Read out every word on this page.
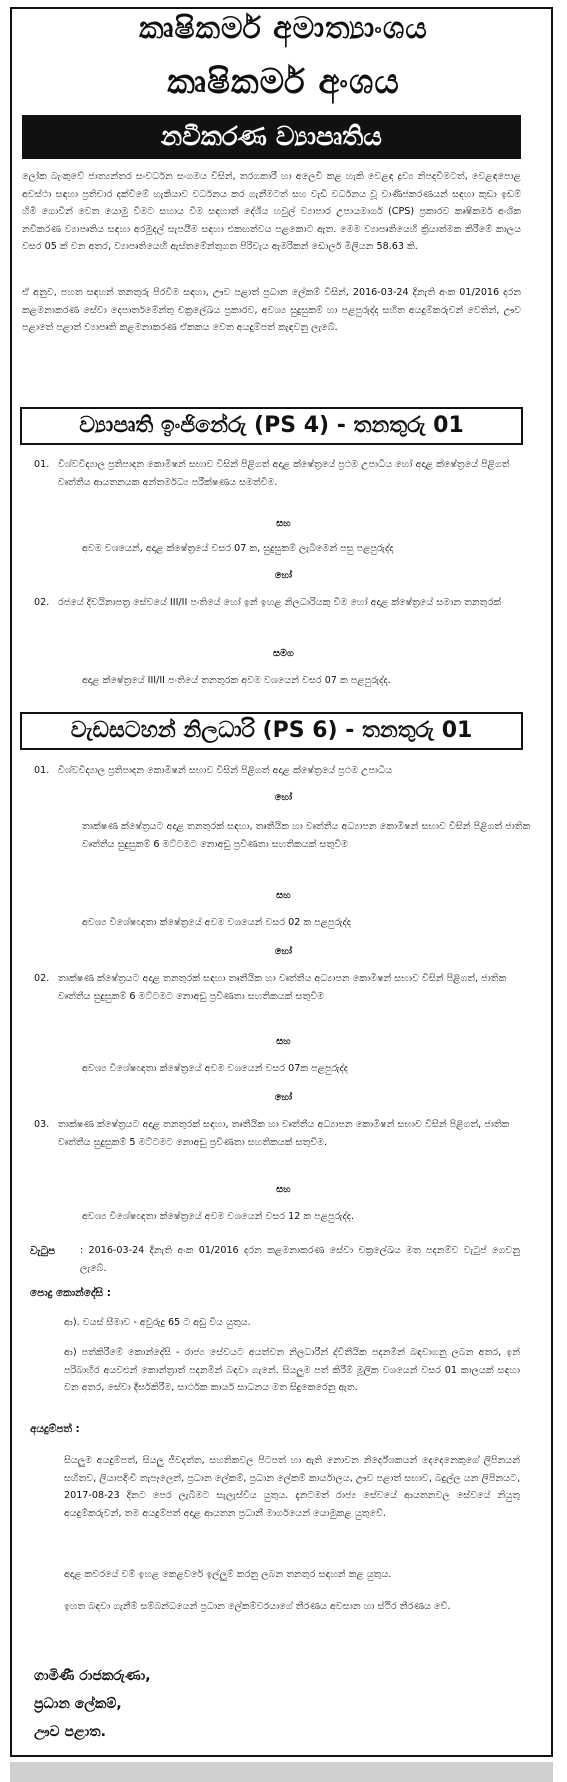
කෘෂිකර්ම අමාත්‍යාංශය
කෘෂිකර්ම අංශය
නවීකරණ ව්‍යාපෘතිය

ලෝක බැංකුවේ ජාත්‍යන්තර සංවර්ධන සංගමය විසින්, තරගකාරී හා අලෙවි කළ හැකි වෙළඳ ද්‍රව්‍ය නිපදවීමටත්, වෙළඳපොළ අවස්ථා සඳහා ප්‍රතිචාර දක්වීමේ හැකියාව වර්ධනය කර ගැනීමටත් සහ වැඩි වර්ධනය වූ වාණිජකරණයන් සඳහා කුඩා ඉඩම් හිමි ගොවීන් වෙත යොමු වීමට සහාය වීම සඳහාත් දේශීය හවුල් ව්‍යාපාර උපායමාර්ග (CPS) ප්‍රකාරව කෘෂිකර්ම අංශික නවීකරණ ව්‍යාපෘතිය සඳහා අරමුදල් සැපයීම සඳහා එකඟත්වය පළකොට ඇත. මෙම ව්‍යාපෘතියෙහි ක්‍රියාත්මක කිරීමේ කාලය වසර 05 ක් වන අතර, ව්‍යාපෘතියෙහි ඇස්තමේන්තුගත පිරිවැය ඇමරිකන් ඩොලර් මිලියන 58.63 කි.

ඒ අනුව, පහත සඳහන් තනතුරු පිරවීම සඳහා, ඌව පළාත් ප්‍රධාන ලේකම් විසින්, 2016-03-24 දිනැති අංක 01/2016 දරන කළමනාකරණ සේවා දෙපාර්තමේන්තු චක්‍රලේඛය ප්‍රකාරව, අවශ්‍ය සුදුසුකම් හා පළපුරුද්ද සහිත අයදුම්කරුවන් වෙතින්, ඌව පළාතේ පළාත් ව්‍යාපෘති කළමනාකරණ ඒකකය වෙත අයදුම්පත් කැඳවනු ලැබේ.

ව්‍යාපෘති ඉංජිනේරු (PS 4) - තනතුරු 01

01. විශ්වවිද්‍යාල ප්‍රතිපාදන කොමිෂන් සභාව විසින් පිළිගත් අදාළ ක්ෂේත්‍රයේ ප්‍රථම උපාධිය හෝ අදාළ ක්ෂේත්‍රයේ පිළිගත් වෘත්තීය ආයතනයක අන්තර්මධ්‍ය පරීක්ෂණය සමත්වීම.

සහ

අවම වශයෙන්, අදාළ ක්ෂේත්‍රයේ වසර 07 ක, සුදුසුකම් ලැබීමෙන් පසු පළපුරුද්ද

හෝ

02. රජයේ දිවයිනාපත්‍ර සේවයේ III/II පංතියේ හෝ ඉන් ඉහළ නිලධාරියකු වීම හෝ අදාළ ක්ෂේත්‍රයේ සමාන තනතුරක්

සමග

අදාළ ක්ෂේත්‍රයේ III/II පංතියේ තනතුරක අවම වශයෙන් වසර 07 ක පළපුරුද්ද.

වැඩසටහන් නිලධාරි (PS 6) - තනතුරු 01

01. විශ්වවිද්‍යාල ප්‍රතිපාදන කොමිෂන් සභාව විසින් පිළිගත් අදාළ ක්ෂේත්‍රයේ ප්‍රථම උපාධිය

හෝ

තාක්ෂණ ක්ෂේත්‍රයට අදාළ තනතුරක් සඳහා, තෘතීයික හා වෘත්තීය අධ්‍යාපන කොමිෂන් සභාව විසින් පිළිගත් ජාතික වෘත්තීය සුදුසුකම් 6 මට්ටමට නොඅඩු ප්‍රවීණතා සහතිකයක් සතුවීම

සහ

අවශ්‍ය විශේෂඥතා ක්ෂේත්‍රයේ අවම වශයෙන් වසර 02 ක පළපුරුද්ද

හෝ

02. තාක්ෂණ ක්ෂේත්‍රයට අදාළ තනතුරක් සඳහා තෘතීයික හා වෘත්තීය අධ්‍යාපන කොමිෂන් සභාව විසින් පිළිගත්, ජාතික වෘත්තීය සුදුසුකම් 6 මට්ටමට නොඅඩු ප්‍රවීණතා සහතිකයක් සතුවීම

සහ

අවශ්‍ය විශේෂඥතා ක්ෂේත්‍රයේ අවම වශයෙන් වසර 07ක පළපුරුද්ද

හෝ

03. තාක්ෂණ ක්ෂේත්‍රයට අදාළ තනතුරක් සඳහා, තෘතීයික හා වෘත්තීය අධ්‍යාපන කොමිෂන් සභාව විසින් පිළිගත්, ජාතික වෘත්තීය සුදුසුකම් 5 මට්ටමට නොඅඩු ප්‍රවීණතා සහතිකයක් සතුවීම.

සහ

අවශ්‍ය විශේෂඥතා ක්ෂේත්‍රයේ අවම වශයෙන් වසර 12 ක පළපුරුද්ද.

වැටුප	: 2016-03-24 දිනැති අංක 01/2016 දරන කළමනාකරණ සේවා චක්‍රලේඛය මත පදනම්ව වැටුප් ගෙවනු ලැබේ.

පොදු කොන්දේසි :

ආ). වයස් සීමාව - අවුරුදු 65 ට අඩු විය යුතුය.

ආ) පත්කිරීමේ කොන්දේසි - රාජ්‍ය සේවයට අයත්වන නිලධාරීන් ද්විතීයික පදනමින් බඳවාගනු ලබන අතර, ඉන් පරිබාහිර අයවළුන් කොන්ත්‍රාත් පදනමින් බඳවා ගැනේ. සියලුම පත් කිරීම් මූලික වශයෙන් වසර 01 කාලයක් සඳහා වන අතර, සේවා දීර්ඝකිරීම, සාර්ථක කාර්ය සාධනය මත සිදුකෙරෙනු ඇත.

අයදුම්පත් :

සියලුම අයදුම්පත්, සියලු ජීවදත්ත, සහතිකවල පිටපත් හා ඇති නොවන නිර්දේශකයන් දෙදෙනෙකුගේ ලිපිනයන් සහිතව, ලියාපදිංචි තැපෑලෙන්, ප්‍රධාන ලේකම්, ප්‍රධාන ලේකම් කාර්යාලය, ඌව පළාත් සභාව, බදුල්ල යන ලිපිනයට, 2017-08-23 දිනට පෙර ලැබීමට සැලැස්විය යුතුය. දැනටමත් රාජ්‍ය සේවයේ ආයතනවල සේවයේ නියුතු අයදුම්කරුවන්, තම අයදුම්පත් අදාළ ආයතන ප්‍රධානී මාර්ගයෙන් යොමුකළ යුතුවේ.

අදාළ කවරයේ වම් ඉහළ කෙළවරේ ඉල්ලුම් කරනු ලබන තනතුර සඳහන් කළ යුතුය.

ඉහත බඳවා ගැනීම් සම්බන්ධයෙන් ප්‍රධාන ලේකම්වරයාගේ තීරණය අවසාන හා ස්ථිර තීරණය වේ.

ගාමිණී රාජකරුණා,
ප්‍රධාන ලේකම්,
ඌව පළාත.
